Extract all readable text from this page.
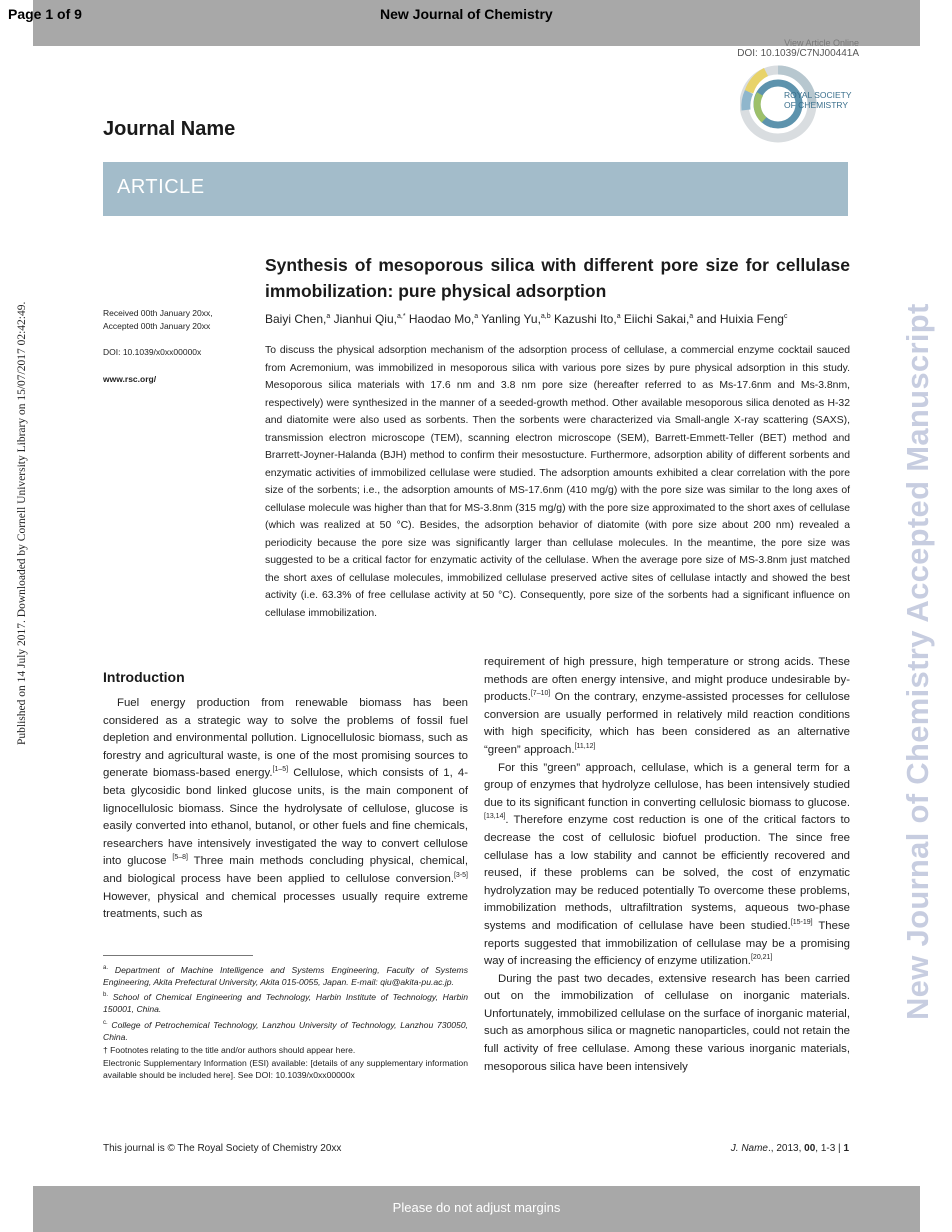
Page 1 of 9	New Journal of Chemistry
View Article Online
DOI: 10.1039/C7NJ00441A
ROYAL SOCIETY
OF CHEMISTRY
Journal Name
ARTICLE
Published on 14 July 2017. Downloaded by Cornell University Library on 15/07/2017 02:42:49.	New Journal of Chemistry Accepted Manuscript
Synthesis of mesoporous silica with different pore size for cellulase immobilization: pure physical adsorption
Received 00th January 20xx,
Accepted 00th January 20xx
DOI: 10.1039/x0xx00000x
www.rsc.org/
Baiyi Chen,$^a$ Jianhui Qiu,$^{a,*}$ Haodao Mo,$^a$ Yanling Yu,$^{a,b}$ Kazushi Ito,$^a$ Eiichi Sakai,$^a$ and Huixia Feng$^c$
To discuss the physical adsorption mechanism of the adsorption process of cellulase, a commercial enzyme cocktail sauced from Acremonium, was immobilized in mesoporous silica with various pore sizes by pure physical adsorption in this study. Mesoporous silica materials with 17.6 nm and 3.8 nm pore size (hereafter referred to as Ms-17.6nm and Ms-3.8nm, respectively) were synthesized in the manner of a seeded-growth method. Other available mesoporous silica denoted as H-32 and diatomite were also used as sorbents. Then the sorbents were characterized via Small-angle X-ray scattering (SAXS), transmission electron microscope (TEM), scanning electron microscope (SEM), Barrett-Emmett-Teller (BET) method and Brarrett-Joyner-Halanda (BJH) method to confirm their mesostucture. Furthermore, adsorption ability of different sorbents and enzymatic activities of immobilized cellulase were studied. The adsorption amounts exhibited a clear correlation with the pore size of the sorbents; i.e., the adsorption amounts of MS-17.6nm (410 mg/g) with the pore size was similar to the long axes of cellulase molecule was higher than that for MS-3.8nm (315 mg/g) with the pore size approximated to the short axes of cellulase (which was realized at 50 °C). Besides, the adsorption behavior of diatomite (with pore size about 200 nm) revealed a periodicity because the pore size was significantly larger than cellulase molecules. In the meantime, the pore size was suggested to be a critical factor for enzymatic activity of the cellulase. When the average pore size of MS-3.8nm just matched the short axes of cellulase molecules, immobilized cellulase preserved active sites of cellulase intactly and showed the best activity (i.e. 63.3% of free cellulase activity at 50 °C). Consequently, pore size of the sorbents had a significant influence on cellulase immobilization.
Introduction

Fuel energy production from renewable biomass has been considered as a strategic way to solve the problems of fossil fuel depletion and environmental pollution. Lignocellulosic biomass, such as forestry and agricultural waste, is one of the most promising sources to generate biomass-based energy.[1–5] Cellulose, which consists of 1, 4-beta glycosidic bond linked glucose units, is the main component of lignocellulosic biomass. Since the hydrolysate of cellulose, glucose is easily converted into ethanol, butanol, or other fuels and fine chemicals, researchers have intensively investigated the way to convert cellulose into glucose [5–8] Three main methods concluding physical, chemical, and biological process have been applied to cellulose conversion.[3-5] However, physical and chemical processes usually require extreme treatments, such as

requirement of high pressure, high temperature or strong acids. These methods are often energy intensive, and might produce undesirable by-products.[7–10] On the contrary, enzyme-assisted processes for cellulose conversion are usually performed in relatively mild reaction conditions with high specificity, which has been considered as an alternative “green” approach.[11,12]

For this ”green” approach, cellulase, which is a general term for a group of enzymes that hydrolyze cellulose, has been intensively studied due to its significant function in converting cellulosic biomass to glucose.[13,14]. Therefore enzyme cost reduction is one of the critical factors to decrease the cost of cellulosic biofuel production. The since free cellulase has a low stability and cannot be efficiently recovered and reused, if these problems can be solved, the cost of enzymatic hydrolyzation may be reduced potentially To overcome these problems, immobilization methods, ultrafiltration systems, aqueous two-phase systems and modification of cellulase have been studied.[15-19] These reports suggested that immobilization of cellulase may be a promising way of increasing the efficiency of enzyme utilization.[20,21]

During the past two decades, extensive research has been carried out on the immobilization of cellulase on inorganic materials. Unfortunately, immobilized cellulase on the surface of inorganic material, such as amorphous silica or magnetic nanoparticles, could not retain the full activity of free cellulase. Among these various inorganic materials, mesoporous silica have been intensively

$^{a.}$ Department of Machine Intelligence and Systems Engineering, Faculty of Systems Engineering, Akita Prefectural University, Akita 015-0055, Japan. E-mail: qiu@akita-pu.ac.jp.
$^{b.}$ School of Chemical Engineering and Technology, Harbin Institute of Technology, Harbin 150001, China.
$^{c.}$ College of Petrochemical Technology, Lanzhou University of Technology, Lanzhou 730050, China.
† Footnotes relating to the title and/or authors should appear here.
Electronic Supplementary Information (ESI) available: [details of any supplementary information available should be included here]. See DOI: 10.1039/x0xx00000x
This journal is © The Royal Society of Chemistry 20xx	J. Name., 2013, 00, 1-3 | 1
Please do not adjust margins
